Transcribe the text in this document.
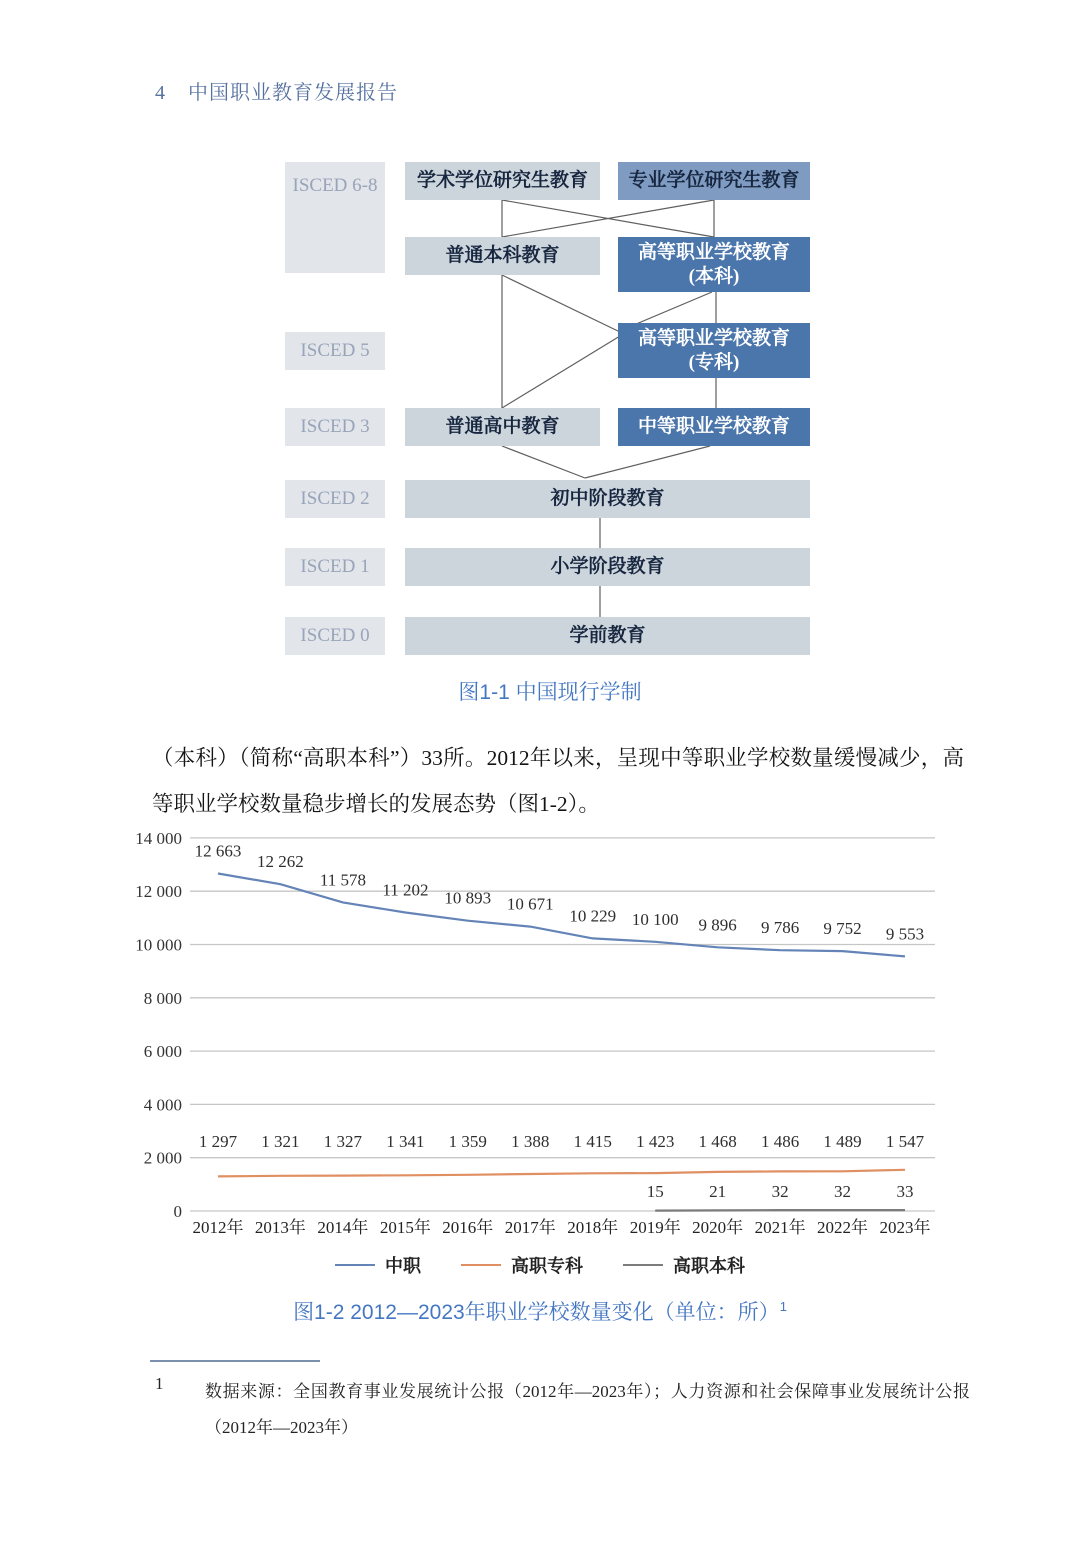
4 中国职业教育发展报告
ISCED 6-8
ISCED 5
ISCED 3
ISCED 2
ISCED 1
ISCED 0
学术学位研究生教育	专业学位研究生教育
普通本科教育	高等职业学校教育
(本科)
高等职业学校教育
(专科)
普通高中教育	中等职业学校教育
初中阶段教育
小学阶段教育
学前教育
图1-1 中国现行学制

（本科）（简称“高职本科”）33所。2012年以来，呈现中等职业学校数量缓慢减少，高等职业学校数量稳步增长的发展态势（图1-2）。

0
2 000
4 000
6 000
8 000
10 000
12 000
14 000
2012年 2013年 2014年 2015年 2016年 2017年 2018年 2019年 2020年 2021年 2022年 2023年
12 663
12 262
11 578
11 202 10 893 10 671
10 229 10 100 9 896 9 786 9 752 9 553
1 297 1 321 1 327 1 341 1 359 1 388 1 415 1 423 1 468 1 486 1 489 1 547
15	21	32	32	33
中职	高职专科	高职本科
图1-2 2012—2023年职业学校数量变化（单位：所）$^1$
1 数据来源：全国教育事业发展统计公报（2012年—2023年）；人力资源和社会保障事业发展统计公报（2012年—2023年）
